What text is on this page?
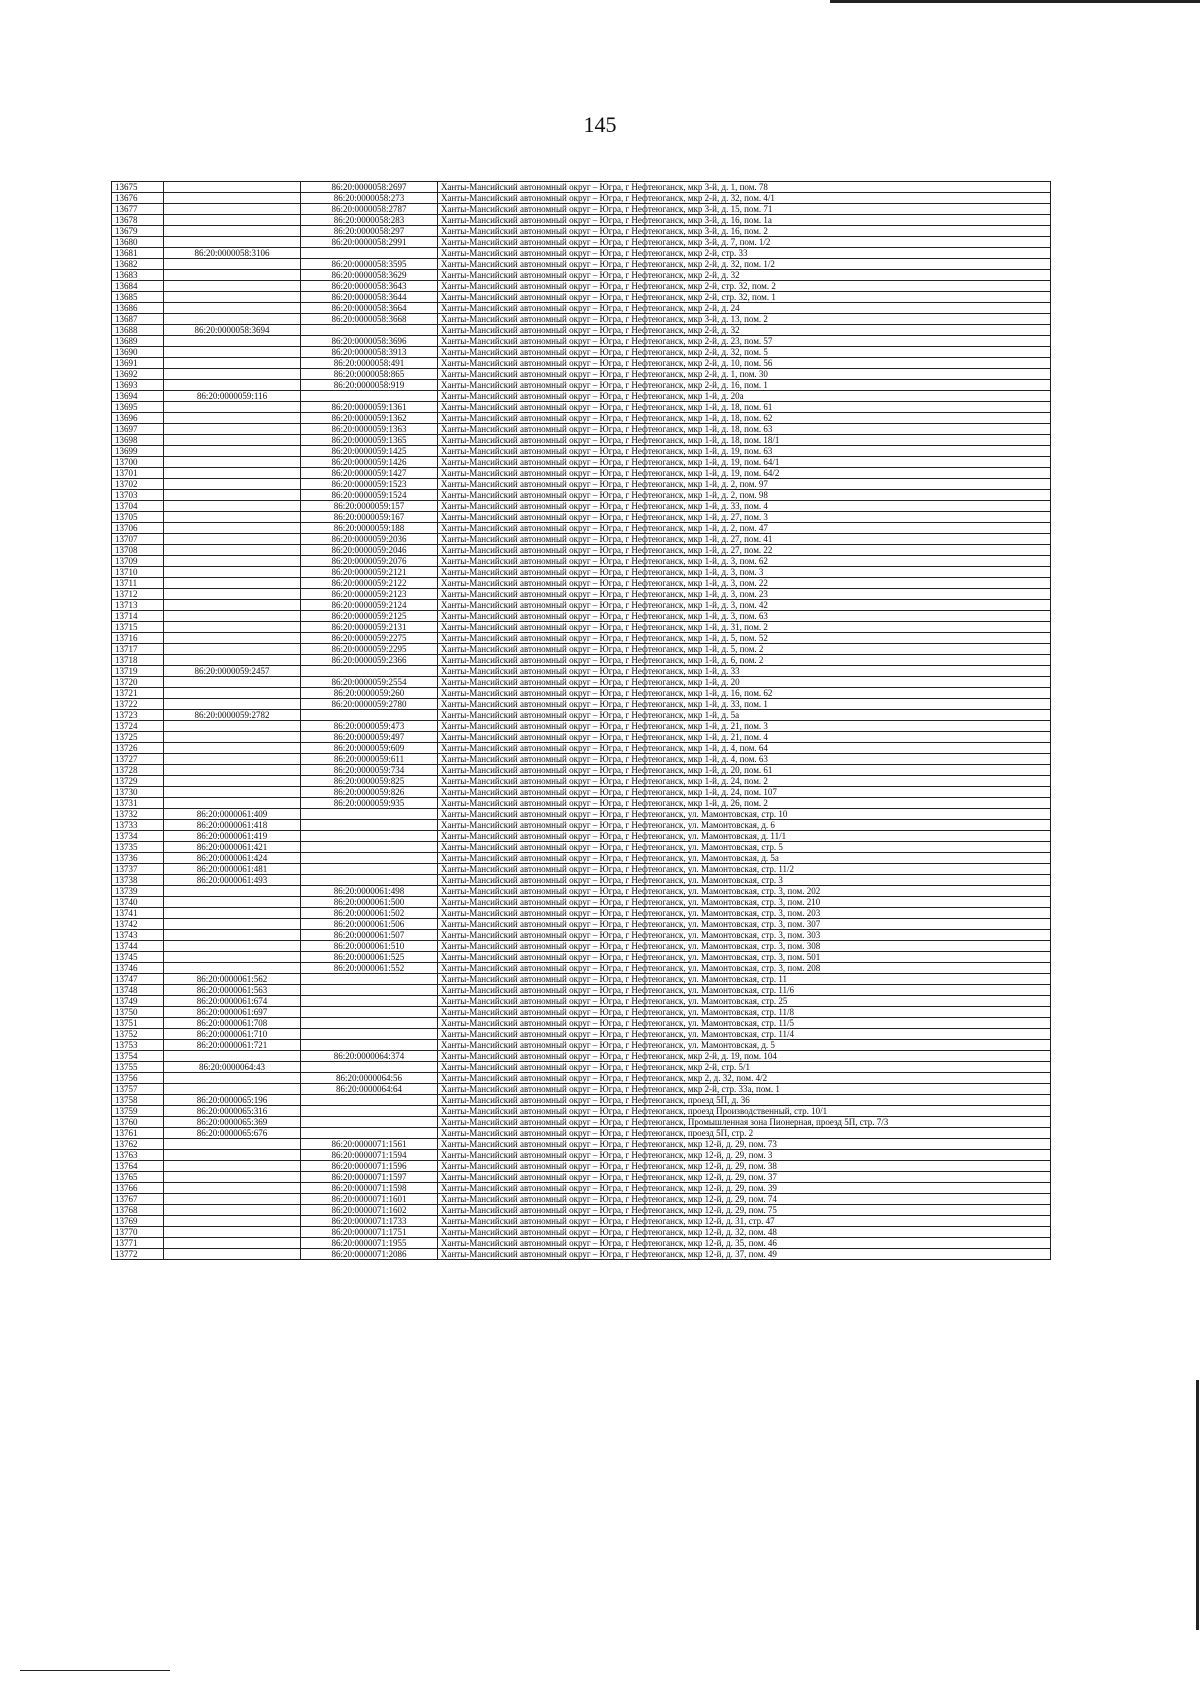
145
13675		86:20:0000058:2697	Ханты-Мансийский автономный округ – Югра, г Нефтеюганск, мкр 3-й, д. 1, пом. 78
13676		86:20:0000058:273	Ханты-Мансийский автономный округ – Югра, г Нефтеюганск, мкр 2-й, д. 32, пом. 4/1
13677		86:20:0000058:2787	Ханты-Мансийский автономный округ – Югра, г Нефтеюганск, мкр 3-й, д. 15, пом. 71
13678		86:20:0000058:283	Ханты-Мансийский автономный округ – Югра, г Нефтеюганск, мкр 3-й, д. 16, пом. 1а
13679		86:20:0000058:297	Ханты-Мансийский автономный округ – Югра, г Нефтеюганск, мкр 3-й, д. 16, пом. 2
13680		86:20:0000058:2991	Ханты-Мансийский автономный округ – Югра, г Нефтеюганск, мкр 3-й, д. 7, пом. 1/2
13681	86:20:0000058:3106		Ханты-Мансийский автономный округ – Югра, г Нефтеюганск, мкр 2-й, стр. 33
13682		86:20:0000058:3595	Ханты-Мансийский автономный округ – Югра, г Нефтеюганск, мкр 2-й, д. 32, пом. 1/2
13683		86:20:0000058:3629	Ханты-Мансийский автономный округ – Югра, г Нефтеюганск, мкр 2-й, д. 32
13684		86:20:0000058:3643	Ханты-Мансийский автономный округ – Югра, г Нефтеюганск, мкр 2-й, стр. 32, пом. 2
13685		86:20:0000058:3644	Ханты-Мансийский автономный округ – Югра, г Нефтеюганск, мкр 2-й, стр. 32, пом. 1
13686		86:20:0000058:3664	Ханты-Мансийский автономный округ – Югра, г Нефтеюганск, мкр 2-й, д. 24
13687		86:20:0000058:3668	Ханты-Мансийский автономный округ – Югра, г Нефтеюганск, мкр 3-й, д. 13, пом. 2
13688	86:20:0000058:3694		Ханты-Мансийский автономный округ – Югра, г Нефтеюганск, мкр 2-й, д. 32
13689		86:20:0000058:3696	Ханты-Мансийский автономный округ – Югра, г Нефтеюганск, мкр 2-й, д. 23, пом. 57
13690		86:20:0000058:3913	Ханты-Мансийский автономный округ – Югра, г Нефтеюганск, мкр 2-й, д. 32, пом. 5
13691		86:20:0000058:491	Ханты-Мансийский автономный округ – Югра, г Нефтеюганск, мкр 2-й, д. 10, пом. 56
13692		86:20:0000058:865	Ханты-Мансийский автономный округ – Югра, г Нефтеюганск, мкр 2-й, д. 1, пом. 30
13693		86:20:0000058:919	Ханты-Мансийский автономный округ – Югра, г Нефтеюганск, мкр 2-й, д. 16, пом. 1
13694	86:20:0000059:116		Ханты-Мансийский автономный округ – Югра, г Нефтеюганск, мкр 1-й, д. 20а
13695		86:20:0000059:1361	Ханты-Мансийский автономный округ – Югра, г Нефтеюганск, мкр 1-й, д. 18, пом. 61
13696		86:20:0000059:1362	Ханты-Мансийский автономный округ – Югра, г Нефтеюганск, мкр 1-й, д. 18, пом. 62
13697		86:20:0000059:1363	Ханты-Мансийский автономный округ – Югра, г Нефтеюганск, мкр 1-й, д. 18, пом. 63
13698		86:20:0000059:1365	Ханты-Мансийский автономный округ – Югра, г Нефтеюганск, мкр 1-й, д. 18, пом. 18/1
13699		86:20:0000059:1425	Ханты-Мансийский автономный округ – Югра, г Нефтеюганск, мкр 1-й, д. 19, пом. 63
13700		86:20:0000059:1426	Ханты-Мансийский автономный округ – Югра, г Нефтеюганск, мкр 1-й, д. 19, пом. 64/1
13701		86:20:0000059:1427	Ханты-Мансийский автономный округ – Югра, г Нефтеюганск, мкр 1-й, д. 19, пом. 64/2
13702		86:20:0000059:1523	Ханты-Мансийский автономный округ – Югра, г Нефтеюганск, мкр 1-й, д. 2, пом. 97
13703		86:20:0000059:1524	Ханты-Мансийский автономный округ – Югра, г Нефтеюганск, мкр 1-й, д. 2, пом. 98
13704		86:20:0000059:157	Ханты-Мансийский автономный округ – Югра, г Нефтеюганск, мкр 1-й, д. 33, пом. 4
13705		86:20:0000059:167	Ханты-Мансийский автономный округ – Югра, г Нефтеюганск, мкр 1-й, д. 27, пом. 3
13706		86:20:0000059:188	Ханты-Мансийский автономный округ – Югра, г Нефтеюганск, мкр 1-й, д. 2, пом. 47
13707		86:20:0000059:2036	Ханты-Мансийский автономный округ – Югра, г Нефтеюганск, мкр 1-й, д. 27, пом. 41
13708		86:20:0000059:2046	Ханты-Мансийский автономный округ – Югра, г Нефтеюганск, мкр 1-й, д. 27, пом. 22
13709		86:20:0000059:2076	Ханты-Мансийский автономный округ – Югра, г Нефтеюганск, мкр 1-й, д. 3, пом. 62
13710		86:20:0000059:2121	Ханты-Мансийский автономный округ – Югра, г Нефтеюганск, мкр 1-й, д. 3, пом. 3
13711		86:20:0000059:2122	Ханты-Мансийский автономный округ – Югра, г Нефтеюганск, мкр 1-й, д. 3, пом. 22
13712		86:20:0000059:2123	Ханты-Мансийский автономный округ – Югра, г Нефтеюганск, мкр 1-й, д. 3, пом. 23
13713		86:20:0000059:2124	Ханты-Мансийский автономный округ – Югра, г Нефтеюганск, мкр 1-й, д. 3, пом. 42
13714		86:20:0000059:2125	Ханты-Мансийский автономный округ – Югра, г Нефтеюганск, мкр 1-й, д. 3, пом. 63
13715		86:20:0000059:2131	Ханты-Мансийский автономный округ – Югра, г Нефтеюганск, мкр 1-й, д. 31, пом. 2
13716		86:20:0000059:2275	Ханты-Мансийский автономный округ – Югра, г Нефтеюганск, мкр 1-й, д. 5, пом. 52
13717		86:20:0000059:2295	Ханты-Мансийский автономный округ – Югра, г Нефтеюганск, мкр 1-й, д. 5, пом. 2
13718		86:20:0000059:2366	Ханты-Мансийский автономный округ – Югра, г Нефтеюганск, мкр 1-й, д. 6, пом. 2
13719	86:20:0000059:2457		Ханты-Мансийский автономный округ – Югра, г Нефтеюганск, мкр 1-й, д. 33
13720		86:20:0000059:2554	Ханты-Мансийский автономный округ – Югра, г Нефтеюганск, мкр 1-й, д. 20
13721		86:20:0000059:260	Ханты-Мансийский автономный округ – Югра, г Нефтеюганск, мкр 1-й, д. 16, пом. 62
13722		86:20:0000059:2780	Ханты-Мансийский автономный округ – Югра, г Нефтеюганск, мкр 1-й, д. 33, пом. 1
13723	86:20:0000059:2782		Ханты-Мансийский автономный округ – Югра, г Нефтеюганск, мкр 1-й, д. 5а
13724		86:20:0000059:473	Ханты-Мансийский автономный округ – Югра, г Нефтеюганск, мкр 1-й, д. 21, пом. 3
13725		86:20:0000059:497	Ханты-Мансийский автономный округ – Югра, г Нефтеюганск, мкр 1-й, д. 21, пом. 4
13726		86:20:0000059:609	Ханты-Мансийский автономный округ – Югра, г Нефтеюганск, мкр 1-й, д. 4, пом. 64
13727		86:20:0000059:611	Ханты-Мансийский автономный округ – Югра, г Нефтеюганск, мкр 1-й, д. 4, пом. 63
13728		86:20:0000059:734	Ханты-Мансийский автономный округ – Югра, г Нефтеюганск, мкр 1-й, д. 20, пом. 61
13729		86:20:0000059:825	Ханты-Мансийский автономный округ – Югра, г Нефтеюганск, мкр 1-й, д. 24, пом. 2
13730		86:20:0000059:826	Ханты-Мансийский автономный округ – Югра, г Нефтеюганск, мкр 1-й, д. 24, пом. 107
13731		86:20:0000059:935	Ханты-Мансийский автономный округ – Югра, г Нефтеюганск, мкр 1-й, д. 26, пом. 2
13732	86:20:0000061:409		Ханты-Мансийский автономный округ – Югра, г Нефтеюганск, ул. Мамонтовская, стр. 10
13733	86:20:0000061:418		Ханты-Мансийский автономный округ – Югра, г Нефтеюганск, ул. Мамонтовская, д. 6
13734	86:20:0000061:419		Ханты-Мансийский автономный округ – Югра, г Нефтеюганск, ул. Мамонтовская, д. 11/1
13735	86:20:0000061:421		Ханты-Мансийский автономный округ – Югра, г Нефтеюганск, ул. Мамонтовская, стр. 5
13736	86:20:0000061:424		Ханты-Мансийский автономный округ – Югра, г Нефтеюганск, ул. Мамонтовская, д. 5а
13737	86:20:0000061:481		Ханты-Мансийский автономный округ – Югра, г Нефтеюганск, ул. Мамонтовская, стр. 11/2
13738	86:20:0000061:493		Ханты-Мансийский автономный округ – Югра, г Нефтеюганск, ул. Мамонтовская, стр. 3
13739		86:20:0000061:498	Ханты-Мансийский автономный округ – Югра, г Нефтеюганск, ул. Мамонтовская, стр. 3, пом. 202
13740		86:20:0000061:500	Ханты-Мансийский автономный округ – Югра, г Нефтеюганск, ул. Мамонтовская, стр. 3, пом. 210
13741		86:20:0000061:502	Ханты-Мансийский автономный округ – Югра, г Нефтеюганск, ул. Мамонтовская, стр. 3, пом. 203
13742		86:20:0000061:506	Ханты-Мансийский автономный округ – Югра, г Нефтеюганск, ул. Мамонтовская, стр. 3, пом. 307
13743		86:20:0000061:507	Ханты-Мансийский автономный округ – Югра, г Нефтеюганск, ул. Мамонтовская, стр. 3, пом. 303
13744		86:20:0000061:510	Ханты-Мансийский автономный округ – Югра, г Нефтеюганск, ул. Мамонтовская, стр. 3, пом. 308
13745		86:20:0000061:525	Ханты-Мансийский автономный округ – Югра, г Нефтеюганск, ул. Мамонтовская, стр. 3, пом. 501
13746		86:20:0000061:552	Ханты-Мансийский автономный округ – Югра, г Нефтеюганск, ул. Мамонтовская, стр. 3, пом. 208
13747	86:20:0000061:562		Ханты-Мансийский автономный округ – Югра, г Нефтеюганск, ул. Мамонтовская, стр. 11
13748	86:20:0000061:563		Ханты-Мансийский автономный округ – Югра, г Нефтеюганск, ул. Мамонтовская, стр. 11/6
13749	86:20:0000061:674		Ханты-Мансийский автономный округ – Югра, г Нефтеюганск, ул. Мамонтовская, стр. 25
13750	86:20:0000061:697		Ханты-Мансийский автономный округ – Югра, г Нефтеюганск, ул. Мамонтовская, стр. 11/8
13751	86:20:0000061:708		Ханты-Мансийский автономный округ – Югра, г Нефтеюганск, ул. Мамонтовская, стр. 11/5
13752	86:20:0000061:710		Ханты-Мансийский автономный округ – Югра, г Нефтеюганск, ул. Мамонтовская, стр. 11/4
13753	86:20:0000061:721		Ханты-Мансийский автономный округ – Югра, г Нефтеюганск, ул. Мамонтовская, д. 5
13754		86:20:0000064:374	Ханты-Мансийский автономный округ – Югра, г Нефтеюганск, мкр 2-й, д. 19, пом. 104
13755	86:20:0000064:43		Ханты-Мансийский автономный округ – Югра, г Нефтеюганск, мкр 2-й, стр. 5/1
13756		86:20:0000064:56	Ханты-Мансийский автономный округ – Югра, г Нефтеюганск, мкр 2, д. 32, пом. 4/2
13757		86:20:0000064:64	Ханты-Мансийский автономный округ – Югра, г Нефтеюганск, мкр 2-й, стр. 33а, пом. 1
13758	86:20:0000065:196		Ханты-Мансийский автономный округ – Югра, г Нефтеюганск, проезд 5П, д. 36
13759	86:20:0000065:316		Ханты-Мансийский автономный округ – Югра, г Нефтеюганск, проезд Производственный, стр. 10/1
13760	86:20:0000065:369		Ханты-Мансийский автономный округ – Югра, г Нефтеюганск, Промышленная зона Пионерная, проезд 5П, стр. 7/3
13761	86:20:0000065:676		Ханты-Мансийский автономный округ – Югра, г Нефтеюганск, проезд 5П, стр. 2
13762		86:20:0000071:1561	Ханты-Мансийский автономный округ – Югра, г Нефтеюганск, мкр 12-й, д. 29, пом. 73
13763		86:20:0000071:1594	Ханты-Мансийский автономный округ – Югра, г Нефтеюганск, мкр 12-й, д. 29, пом. 3
13764		86:20:0000071:1596	Ханты-Мансийский автономный округ – Югра, г Нефтеюганск, мкр 12-й, д. 29, пом. 38
13765		86:20:0000071:1597	Ханты-Мансийский автономный округ – Югра, г Нефтеюганск, мкр 12-й, д. 29, пом. 37
13766		86:20:0000071:1598	Ханты-Мансийский автономный округ – Югра, г Нефтеюганск, мкр 12-й, д. 29, пом. 39
13767		86:20:0000071:1601	Ханты-Мансийский автономный округ – Югра, г Нефтеюганск, мкр 12-й, д. 29, пом. 74
13768		86:20:0000071:1602	Ханты-Мансийский автономный округ – Югра, г Нефтеюганск, мкр 12-й, д. 29, пом. 75
13769		86:20:0000071:1733	Ханты-Мансийский автономный округ – Югра, г Нефтеюганск, мкр 12-й, д. 31, стр. 47
13770		86:20:0000071:1751	Ханты-Мансийский автономный округ – Югра, г Нефтеюганск, мкр 12-й, д. 32, пом. 48
13771		86:20:0000071:1955	Ханты-Мансийский автономный округ – Югра, г Нефтеюганск, мкр 12-й, д. 35, пом. 46
13772		86:20:0000071:2086	Ханты-Мансийский автономный округ – Югра, г Нефтеюганск, мкр 12-й, д. 37, пом. 49
